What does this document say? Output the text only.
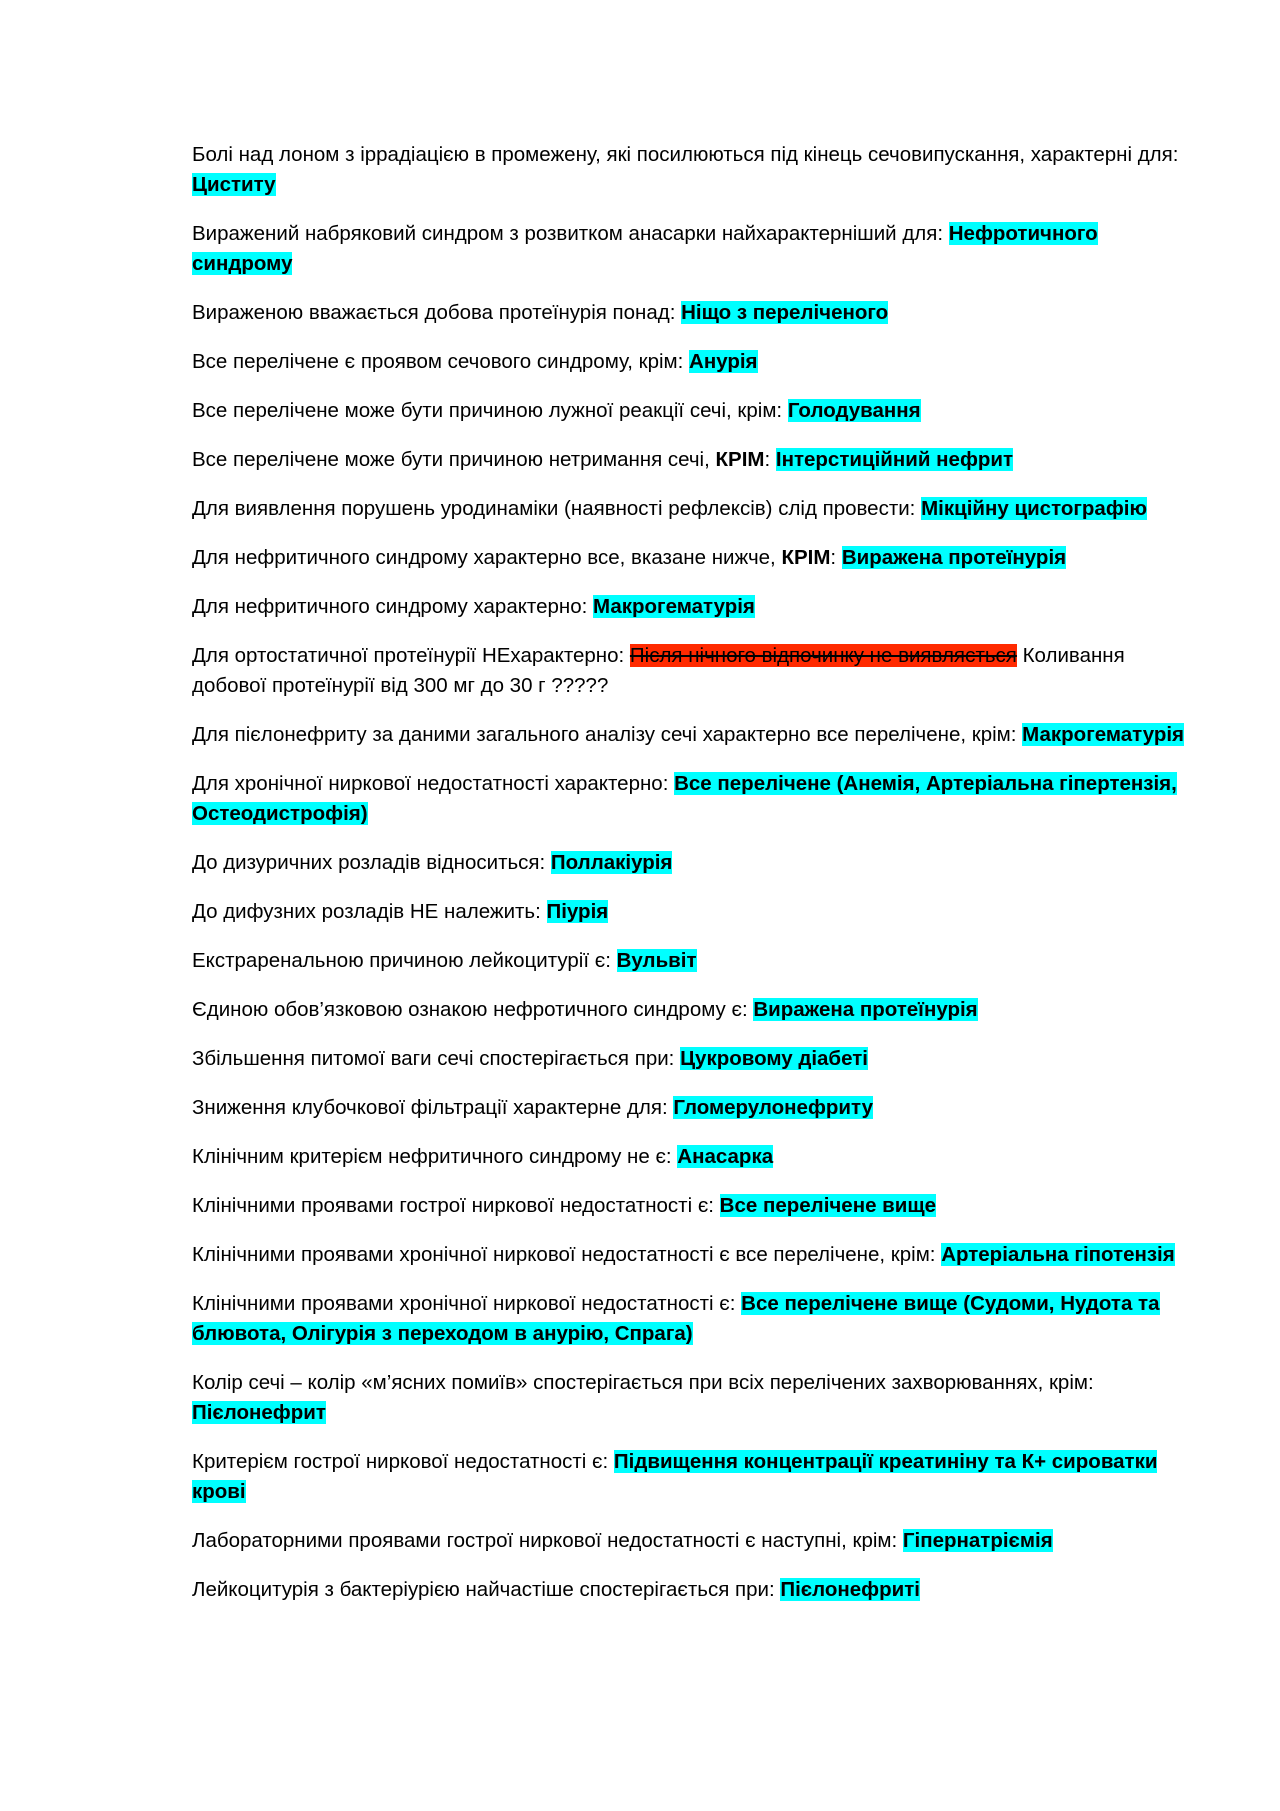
Болі над лоном з іррадіацією в промежену, які посилюються під кінець сечовипускання, характерні для: Циститу

Виражений набряковий синдром з розвитком анасарки найхарактерніший для: Нефротичного синдрому

Вираженою вважається добова протеїнурія понад: Ніщо з переліченого

Все перелічене є проявом сечового синдрому, крім: Анурія

Все перелічене може бути причиною лужної реакції сечі, крім: Голодування

Все перелічене може бути причиною нетримання сечі, КРІМ: Інтерстиційний нефрит

Для виявлення порушень уродинаміки (наявності рефлексів) слід провести: Мікційну цистографію

Для нефритичного синдрому характерно все, вказане нижче, КРІМ: Виражена протеїнурія

Для нефритичного синдрому характерно: Макрогематурія

Для ортостатичної протеїнурії НЕхарактерно: Після нічного відпочинку не виявляється Коливання добової протеїнурії від 300 мг до 30 г ?????

Для пієлонефриту за даними загального аналізу сечі характерно все перелічене, крім: Макрогематурія

Для хронічної ниркової недостатності характерно: Все перелічене (Анемія, Артеріальна гіпертензія, Остеодистрофія)

До дизуричних розладів відноситься: Поллакіурія

До дифузних розладів НЕ належить: Піурія

Екстраренальною причиною лейкоцитурії є: Вульвіт

Єдиною обов’язковою ознакою нефротичного синдрому є: Виражена протеїнурія

Збільшення питомої ваги сечі спостерігається при: Цукровому діабеті

Зниження клубочкової фільтрації характерне для: Гломерулонефриту

Клінічним критерієм нефритичного синдрому не є: Анасарка

Клінічними проявами гострої ниркової недостатності є: Все перелічене вище

Клінічними проявами хронічної ниркової недостатності є все перелічене, крім: Артеріальна гіпотензія

Клінічними проявами хронічної ниркової недостатності є: Все перелічене вище (Судоми, Нудота та блювота, Олігурія з переходом в анурію, Спрага)

Колір сечі – колір «м’ясних помиїв» спостерігається при всіх перелічених захворюваннях, крім: Пієлонефрит

Критерієм гострої ниркової недостатності є: Підвищення концентрації креатиніну та К+ сироватки крові

Лабораторними проявами гострої ниркової недостатності є наступні, крім: Гіпернатріємія

Лейкоцитурія з бактеріурією найчастіше спостерігається при: Пієлонефриті
